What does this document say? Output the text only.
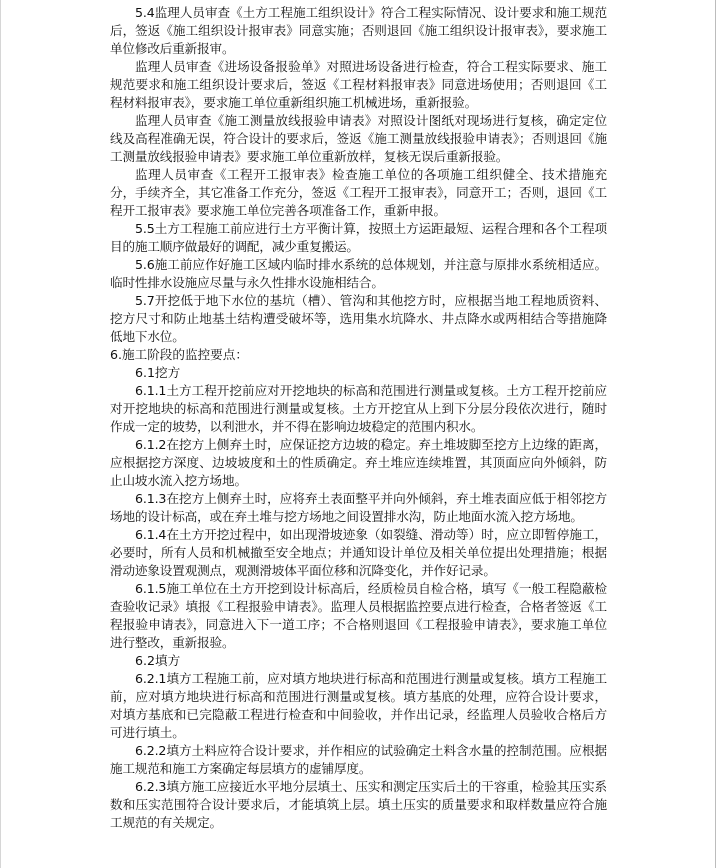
5.4监理人员审查《土方工程施工组织设计》符合工程实际情况、设计要求和施工规范后，签返《施工组织设计报审表》同意实施；否则退回《施工组织设计报审表》，要求施工单位修改后重新报审。

监理人员审查《进场设备报验单》对照进场设备进行检查，符合工程实际要求、施工规范要求和施工组织设计要求后，签返《工程材料报审表》同意进场使用；否则退回《工程材料报审表》，要求施工单位重新组织施工机械进场，重新报验。

监理人员审查《施工测量放线报验申请表》对照设计图纸对现场进行复核，确定定位线及高程准确无误，符合设计的要求后，签返《施工测量放线报验申请表》；否则退回《施工测量放线报验申请表》要求施工单位重新放样，复核无误后重新报验。

监理人员审查《工程开工报审表》检查施工单位的各项施工组织健全、技术措施充分，手续齐全，其它准备工作充分，签返《工程开工报审表》，同意开工；否则，退回《工程开工报审表》要求施工单位完善各项准备工作，重新申报。

5.5土方工程施工前应进行土方平衡计算，按照土方运距最短、运程合理和各个工程项目的施工顺序做最好的调配，减少重复搬运。

5.6施工前应作好施工区域内临时排水系统的总体规划，并注意与原排水系统相适应。临时性排水设施应尽量与永久性排水设施相结合。

5.7开挖低于地下水位的基坑（槽）、管沟和其他挖方时，应根据当地工程地质资料、挖方尺寸和防止地基土结构遭受破坏等，选用集水坑降水、井点降水或两相结合等措施降低地下水位。

6.施工阶段的监控要点：

6.1挖方

6.1.1土方工程开挖前应对开挖地块的标高和范围进行测量或复核。土方工程开挖前应对开挖地块的标高和范围进行测量或复核。土方开挖宜从上到下分层分段依次进行，随时作成一定的坡势，以利泄水，并不得在影响边坡稳定的范围内积水。

6.1.2在挖方上侧弃土时，应保证挖方边坡的稳定。弃土堆坡脚至挖方上边缘的距离，应根据挖方深度、边坡坡度和土的性质确定。弃土堆应连续堆置，其顶面应向外倾斜，防止山坡水流入挖方场地。

6.1.3在挖方上侧弃土时，应将弃土表面整平并向外倾斜，弃土堆表面应低于相邻挖方场地的设计标高，或在弃土堆与挖方场地之间设置排水沟，防止地面水流入挖方场地。

6.1.4在土方开挖过程中，如出现滑坡迹象（如裂缝、滑动等）时，应立即暂停施工，必要时，所有人员和机械撤至安全地点；并通知设计单位及相关单位提出处理措施；根据滑动迹象设置观测点，观测滑坡体平面位移和沉降变化，并作好记录。

6.1.5施工单位在土方开挖到设计标高后，经质检员自检合格，填写《一般工程隐蔽检查验收记录》填报《工程报验申请表》。监理人员根据监控要点进行检查，合格者签返《工程报验申请表》，同意进入下一道工序；不合格则退回《工程报验申请表》，要求施工单位进行整改，重新报验。

6.2填方

6.2.1填方工程施工前，应对填方地块进行标高和范围进行测量或复核。填方工程施工前，应对填方地块进行标高和范围进行测量或复核。填方基底的处理，应符合设计要求，对填方基底和已完隐蔽工程进行检查和中间验收，并作出记录，经监理人员验收合格后方可进行填土。

6.2.2填方土料应符合设计要求，并作相应的试验确定土料含水量的控制范围。应根据施工规范和施工方案确定每层填方的虚铺厚度。

6.2.3填方施工应接近水平地分层填土、压实和测定压实后土的干容重，检验其压实系数和压实范围符合设计要求后，才能填筑上层。填土压实的质量要求和取样数量应符合施工规范的有关规定。
